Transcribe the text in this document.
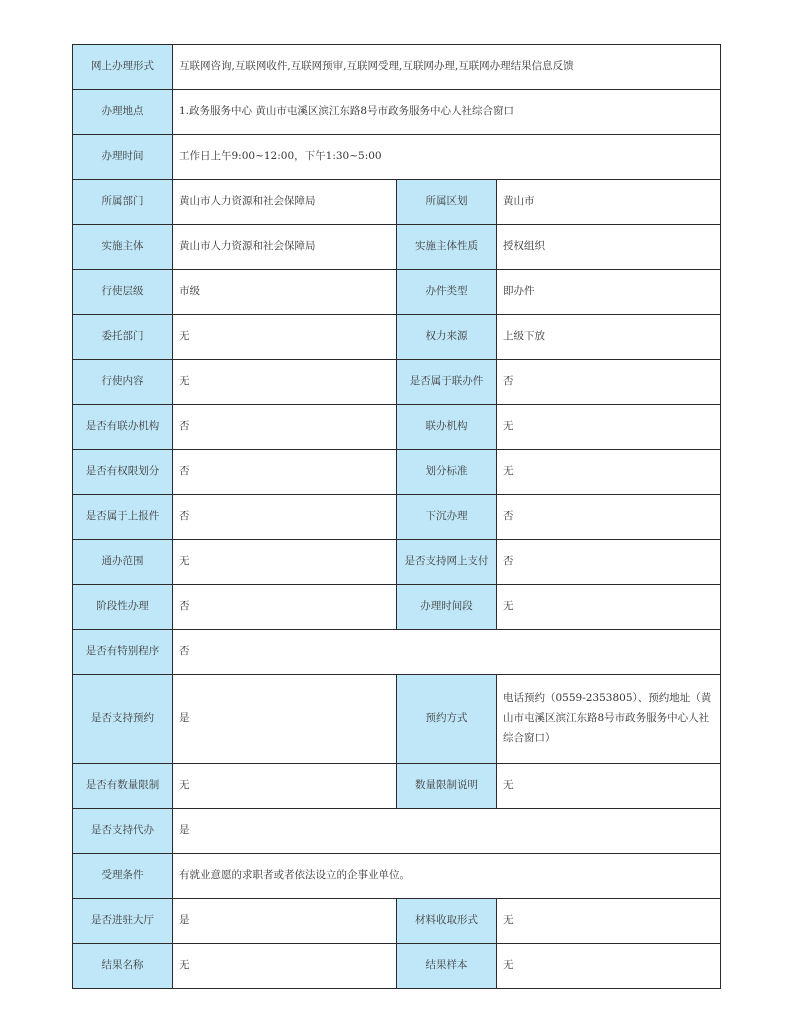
网上办理形式	互联网咨询,互联网收件,互联网预审,互联网受理,互联网办理,互联网办理结果信息反馈		
办理地点	1.政务服务中心 黄山市屯溪区滨江东路8号市政务服务中心人社综合窗口		
办理时间	工作日上午9:00~12:00，下午1:30~5:00		
所属部门	黄山市人力资源和社会保障局	所属区划	黄山市
实施主体	黄山市人力资源和社会保障局	实施主体性质	授权组织
行使层级	市级	办件类型	即办件
委托部门	无	权力来源	上级下放
行使内容	无	是否属于联办件	否
是否有联办机构	否	联办机构	无
是否有权限划分	否	划分标准	无
是否属于上报件	否	下沉办理	否
通办范围	无	是否支持网上支付	否
阶段性办理	否	办理时间段	无
是否有特别程序	否		
是否支持预约	是	预约方式	电话预约（0559-2353805）、预约地址（黄山市屯溪区滨江东路8号市政务服务中心人社综合窗口）
是否有数量限制	无	数量限制说明	无
是否支持代办	是		
受理条件	有就业意愿的求职者或者依法设立的企事业单位。		
是否进驻大厅	是	材料收取形式	无
结果名称	无	结果样本	无
